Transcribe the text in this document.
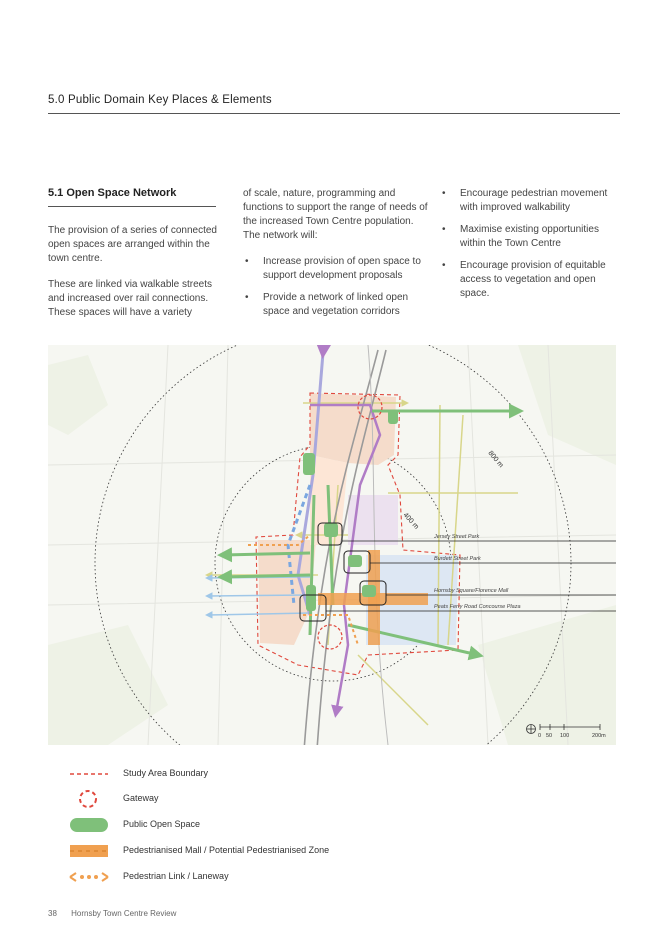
5.0 Public Domain Key Places & Elements
5.1 Open Space Network
The provision of a series of connected open spaces are arranged within the town centre.
These are linked via walkable streets and increased over rail connections. These spaces will have a variety
of scale, nature, programming and functions to support the range of needs of the increased Town Centre population. The network will:
• Increase provision of open space to support development proposals
• Provide a network of linked open space and vegetation corridors
• Encourage pedestrian movement with improved walkability
• Maximise existing opportunities within the Town Centre
• Encourage provision of equitable access to vegetation and open space.
800 m
400 m
Jersey Street Park
Burdett Street Park
Hornsby Square/Florence Mall
Peats Ferry Road Concourse Plaza
0 50 100	200m
Study Area Boundary
Gateway
Public Open Space
Pedestrianised Mall / Potential Pedestrianised Zone
Pedestrian Link / Laneway
38 Hornsby Town Centre Review
